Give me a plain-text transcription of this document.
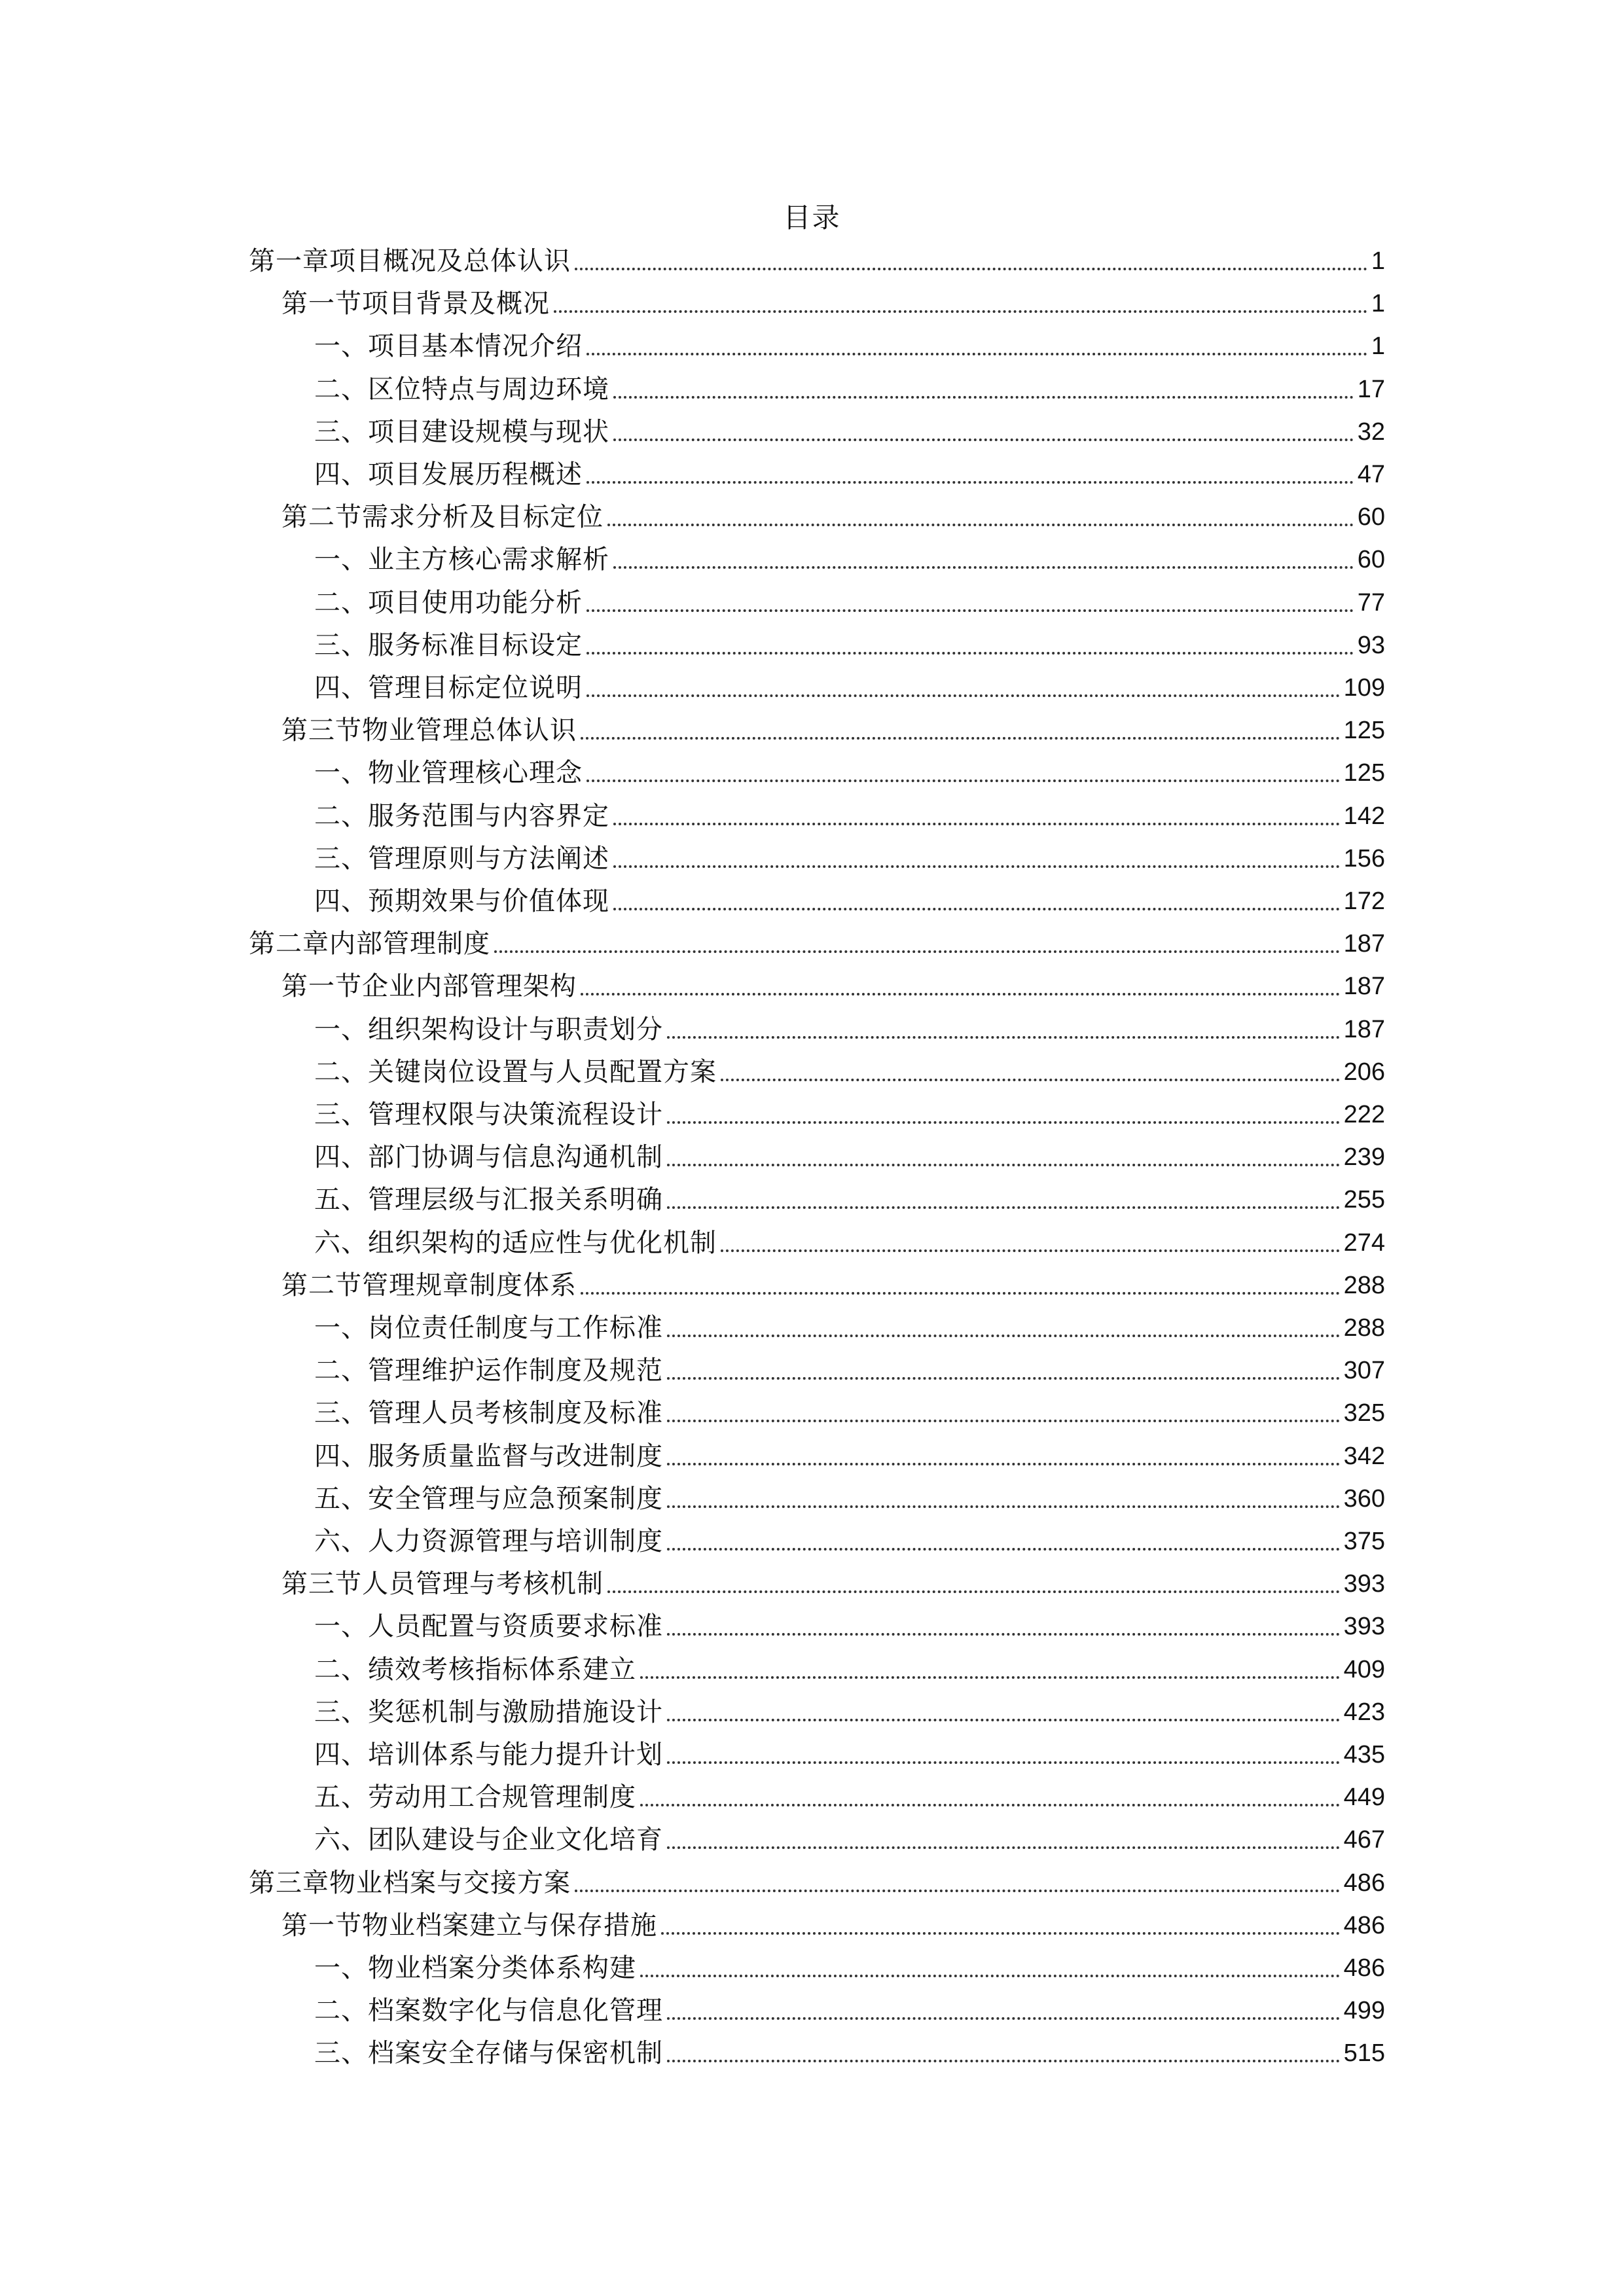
目录
第一章项目概况及总体认识	1
第一节项目背景及概况	1
一、项目基本情况介绍	1
二、区位特点与周边环境	17
三、项目建设规模与现状	32
四、项目发展历程概述	47
第二节需求分析及目标定位	60
一、业主方核心需求解析	60
二、项目使用功能分析	77
三、服务标准目标设定	93
四、管理目标定位说明	109
第三节物业管理总体认识	125
一、物业管理核心理念	125
二、服务范围与内容界定	142
三、管理原则与方法阐述	156
四、预期效果与价值体现	172
第二章内部管理制度	187
第一节企业内部管理架构	187
一、组织架构设计与职责划分	187
二、关键岗位设置与人员配置方案	206
三、管理权限与决策流程设计	222
四、部门协调与信息沟通机制	239
五、管理层级与汇报关系明确	255
六、组织架构的适应性与优化机制	274
第二节管理规章制度体系	288
一、岗位责任制度与工作标准	288
二、管理维护运作制度及规范	307
三、管理人员考核制度及标准	325
四、服务质量监督与改进制度	342
五、安全管理与应急预案制度	360
六、人力资源管理与培训制度	375
第三节人员管理与考核机制	393
一、人员配置与资质要求标准	393
二、绩效考核指标体系建立	409
三、奖惩机制与激励措施设计	423
四、培训体系与能力提升计划	435
五、劳动用工合规管理制度	449
六、团队建设与企业文化培育	467
第三章物业档案与交接方案	486
第一节物业档案建立与保存措施	486
一、物业档案分类体系构建	486
二、档案数字化与信息化管理	499
三、档案安全存储与保密机制	515
